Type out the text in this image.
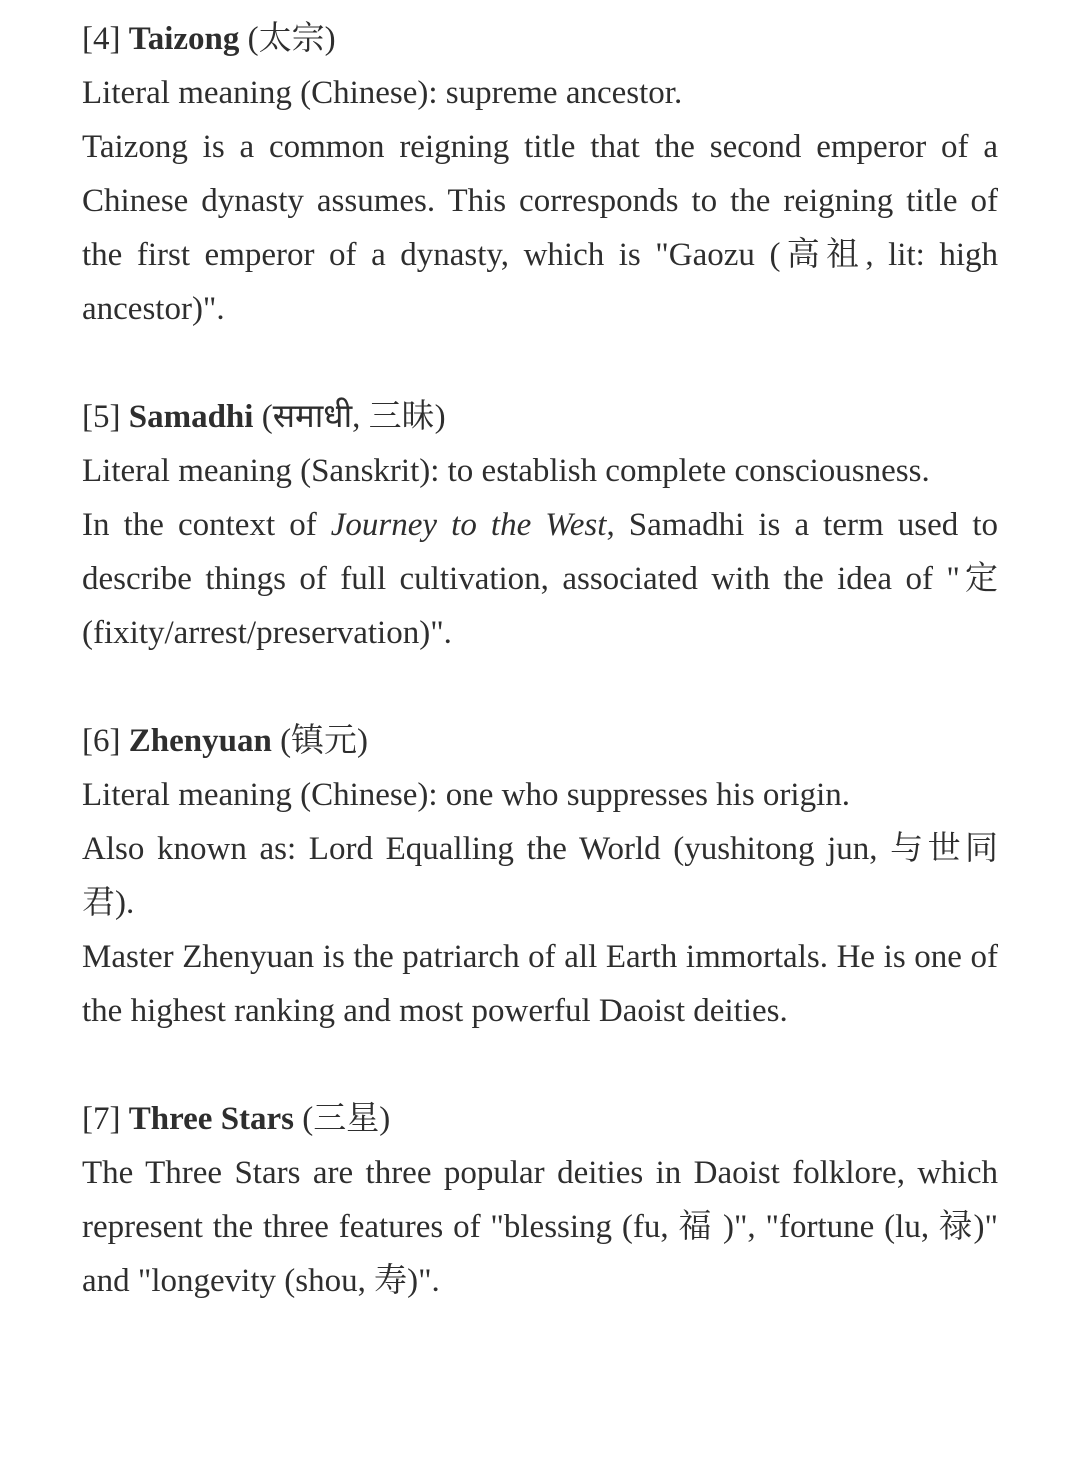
[4] Taizong (太宗)

Literal meaning (Chinese): supreme ancestor.

Taizong is a common reigning title that the second emperor of a Chinese dynasty assumes. This corresponds to the reigning title of the first emperor of a dynasty, which is "Gaozu (高祖, lit: high ancestor)".

[5] Samadhi (समाधी, 三昧)

Literal meaning (Sanskrit): to establish complete consciousness.

In the context of Journey to the West, Samadhi is a term used to describe things of full cultivation, associated with the idea of "定 (fixity/arrest/preservation)".

[6] Zhenyuan (镇元)

Literal meaning (Chinese): one who suppresses his origin.

Also known as: Lord Equalling the World (yushitong jun, 与世同君).

Master Zhenyuan is the patriarch of all Earth immortals. He is one of the highest ranking and most powerful Daoist deities.

[7] Three Stars (三星)

The Three Stars are three popular deities in Daoist folklore, which represent the three features of "blessing (fu, 福 )", "fortune (lu, 禄)" and "longevity (shou, 寿)".
